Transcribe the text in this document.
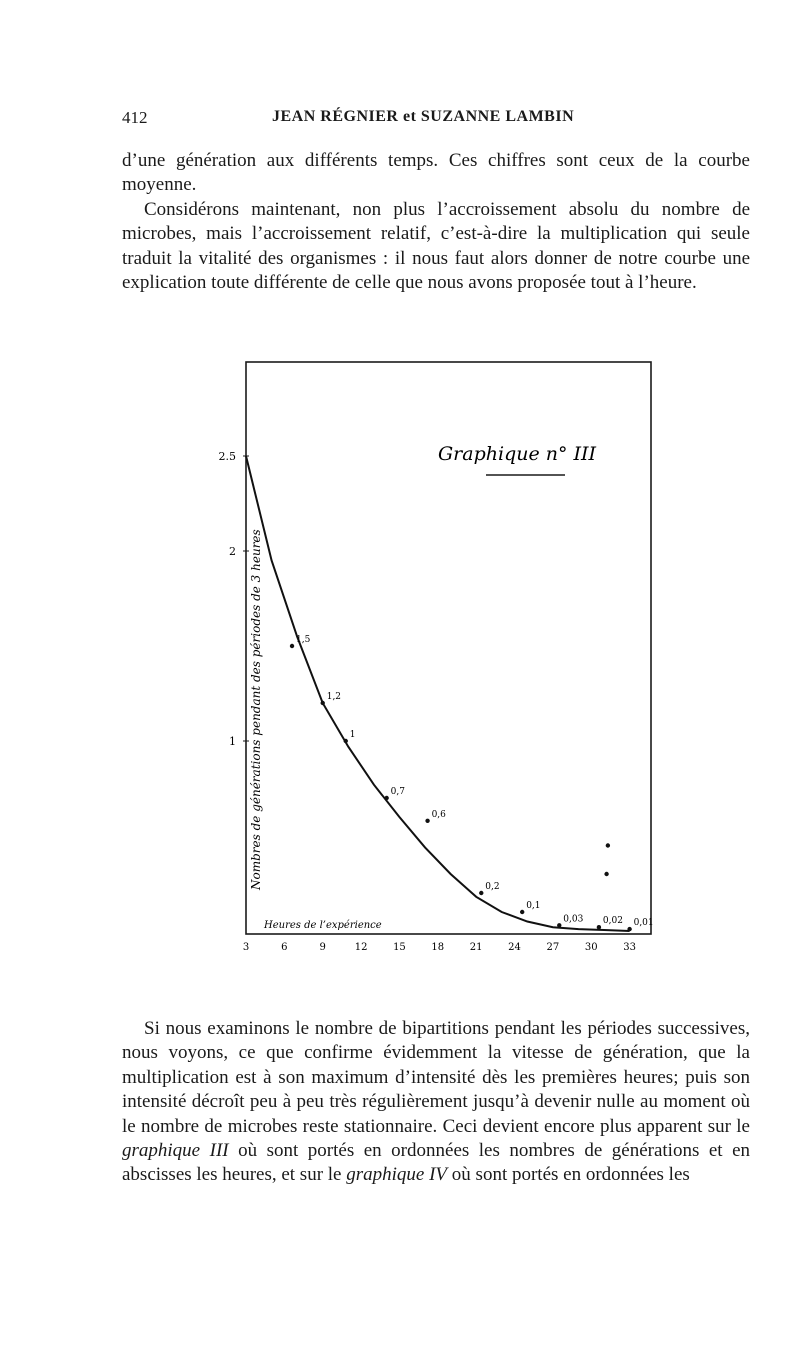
412	JEAN RÉGNIER et SUZANNE LAMBIN

d’une génération aux différents temps. Ces chiffres sont ceux de la courbe moyenne.
Considérons maintenant, non plus l’accroissement absolu du nombre de microbes, mais l’accroissement relatif, c’est-à-dire la multiplication qui seule traduit la vitalité des organismes : il nous faut alors donner de notre courbe une explication toute différente de celle que nous avons proposée tout à l’heure.

Graphique n° III
Nombres de générations pendant des périodes de 3 heures
Heures de l’expérience
3	6	9	12	15	18	21	24	27	30	33
2.5
2
1
1,2
1,5
1
0,7
0,6
0,2
0,1
0,03 0,02 0,01

Si nous examinons le nombre de bipartitions pendant les périodes successives, nous voyons, ce que confirme évidemment la vitesse de génération, que la multiplication est à son maximum d’intensité dès les premières heures; puis son intensité décroît peu à peu très régulièrement jusqu’à devenir nulle au moment où le nombre de microbes reste stationnaire. Ceci devient encore plus apparent sur le graphique III où sont portés en ordonnées les nombres de générations et en abscisses les heures, et sur le graphique IV où sont portés en ordonnées les
